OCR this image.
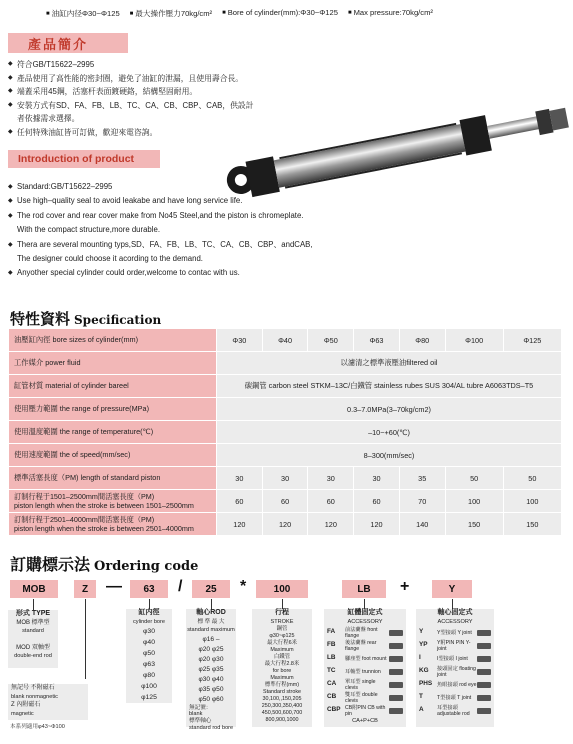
■ 油缸内径Φ30~Φ125	■ 最大操作壓力70kg/cm²	■ Bore of cylinder(mm):Φ30~Φ125	■ Max pressure:70kg/cm²
產品簡介
◆ 符合GB/T15622–2995
◆ 產品使用了高性能的密封圈，避免了油缸的泄漏，且使用壽合長。
◆ 端蓋采用45鋼，活塞杆表面鍍硬鉻，結構堅固耐用。
◆ 安裝方式有SD、FA、FB、LB、TC、CA、CB、CBP、CAB，供設計
者依據需求選擇。
◆ 任何特殊油缸皆可訂做，歡迎來電咨詢。
Introduction of product
◆ Standard:GB/T15622–2995
◆ Use high–quality seal to avoid leakabe and have long service life.
◆ The rod cover and rear cover make from No45 Steel,and the piston is chromeplate.
With the compact structure,more durable.
◆ Thera are several mounting typs,SD、FA、FB、LB、TC、CA、CB、CBP、andCAB,
The designer could choose it acording to the demand.
◆ Anyother special cylinder could order,welcome to contac with us.
特性資料 Specification
油壓缸內徑 bore sizes of cylinder(mm)	Φ30	Φ40	Φ50	Φ63	Φ80	Φ100	Φ125
工作媒介 power fluid	以濾清之標準液壓油filtered oil						
缸管材質 material of cylinder bareel	碳鋼管 carbon steel STKM–13C/白鐵管 stainless rubes SUS 304/AL tubre A6063TDS–T5						
使用壓力範圍 the range of pressure(MPa)	0.3–7.0MPa(3–70kg/cm2)						
使用溫度範圍 the range of temperature(℃)	–10~+60(℃)						
使用速度範圍 the of speed(mm/sec)	8–300(mm/sec)						
標準活塞長度（PM) length of standard piston	30	30	30	30	35	50	50
訂制行程于1501–2500mm間活塞長度（PM)
piston length when the stroke is between 1501–2500mm	60	60	60	60	70	100	100
訂制行程于2501–4000mm間活塞長度（PM)
piston length when the stroke is between 2501–4000mm	120	120	120	120	140	150	150
訂購標示法 Ordering code
MOB	Z	—	63	/	25	*	100	LB	+	Y
形式 TYPE
MOB 標準型
standard
MOD 双軸型
double-end rod
無記号 不附磁石
blank nonmagnetic
Z 內附磁石
magnetic
本系列適用φ43~Φ100
缸内徑
cylinder bore
φ30
φ40
φ50
φ63
φ80
φ100
φ125
軸心ROD
標 準 最 大
standard maximum
φ16 –
φ20 φ25
φ20 φ30
φ25 φ35
φ30 φ40
φ35 φ50
φ50 φ60
無記號：
blank
標準軸心
standard rod bore
行程
STROKE
鋼管
φ30~φ125
最大行程6米
Maximum
白鐵管
最大行程2.8米
for bore
Maximum
標準行程(mm)
Standard stroke
30,100,,150,205
250,300,350,400
450,500,600,700
800,900,1000
缸體固定式
ACCESSORY
FA	前法蘭盤 front flange
FB	後法蘭盤 rear flange
LB	腳座型 foot mount
TC	耳軸型 trunnion
CA	單耳型 single clevis
CB	雙耳型 double clevis
CBP CB附PIN CB with pin
CA+P+CB
軸心固定式
ACCESSORY
Y	Y型接頭 Y joint
YP	Y附PIN PIN Y-joint
I	I型接頭 I joint
KG	接頭固定 floating joint
PHS 魚眼接頭 rod eye
T	T型接頭 T joint
A	耳型接頭 adjustable rod
